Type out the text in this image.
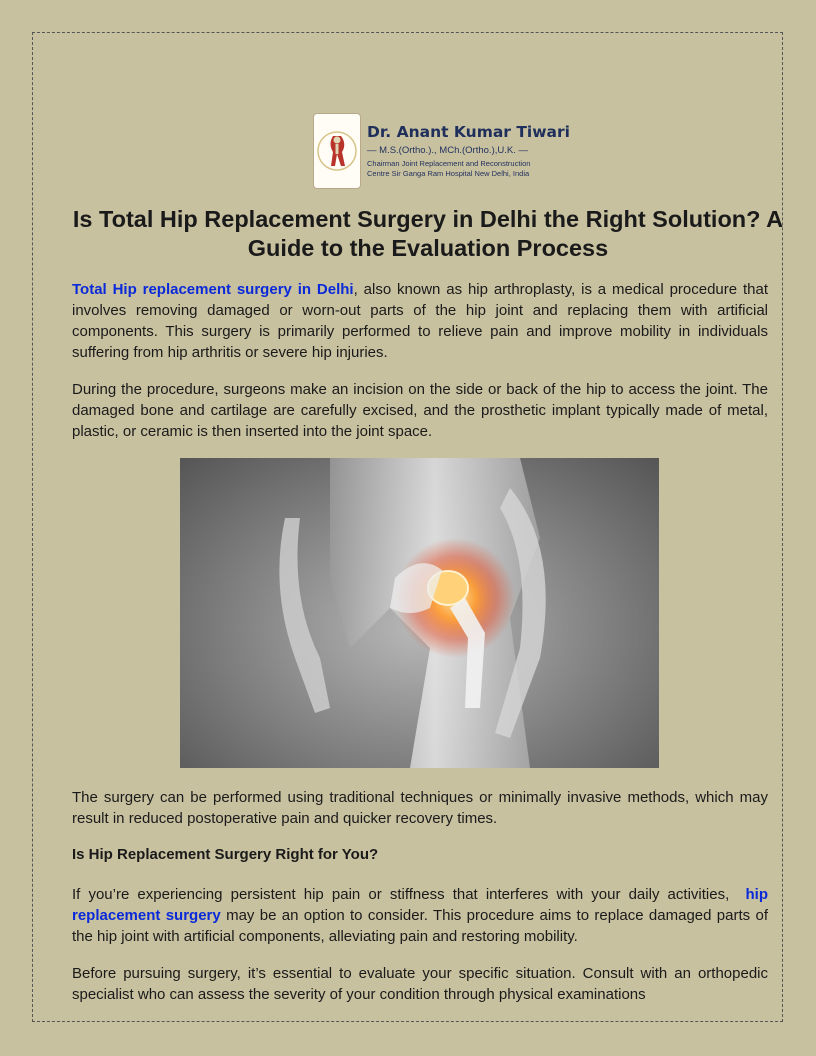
Dr. Anant Kumar Tiwari
— M.S.(Ortho.)., MCh.(Ortho.),U.K. —
Chairman Joint Replacement and Reconstruction
Centre Sir Ganga Ram Hospital New Delhi, India
Is Total Hip Replacement Surgery in Delhi the Right Solution? A Guide to the Evaluation Process

Total Hip replacement surgery in Delhi, also known as hip arthroplasty, is a medical procedure that involves removing damaged or worn-out parts of the hip joint and replacing them with artificial components. This surgery is primarily performed to relieve pain and improve mobility in individuals suffering from hip arthritis or severe hip injuries.

During the procedure, surgeons make an incision on the side or back of the hip to access the joint. The damaged bone and cartilage are carefully excised, and the prosthetic implant typically made of metal, plastic, or ceramic is then inserted into the joint space.

The surgery can be performed using traditional techniques or minimally invasive methods, which may result in reduced postoperative pain and quicker recovery times.

Is Hip Replacement Surgery Right for You?

If you’re experiencing persistent hip pain or stiffness that interferes with your daily activities, hip replacement surgery may be an option to consider. This procedure aims to replace damaged parts of the hip joint with artificial components, alleviating pain and restoring mobility.

Before pursuing surgery, it’s essential to evaluate your specific situation. Consult with an orthopedic specialist who can assess the severity of your condition through physical examinations
